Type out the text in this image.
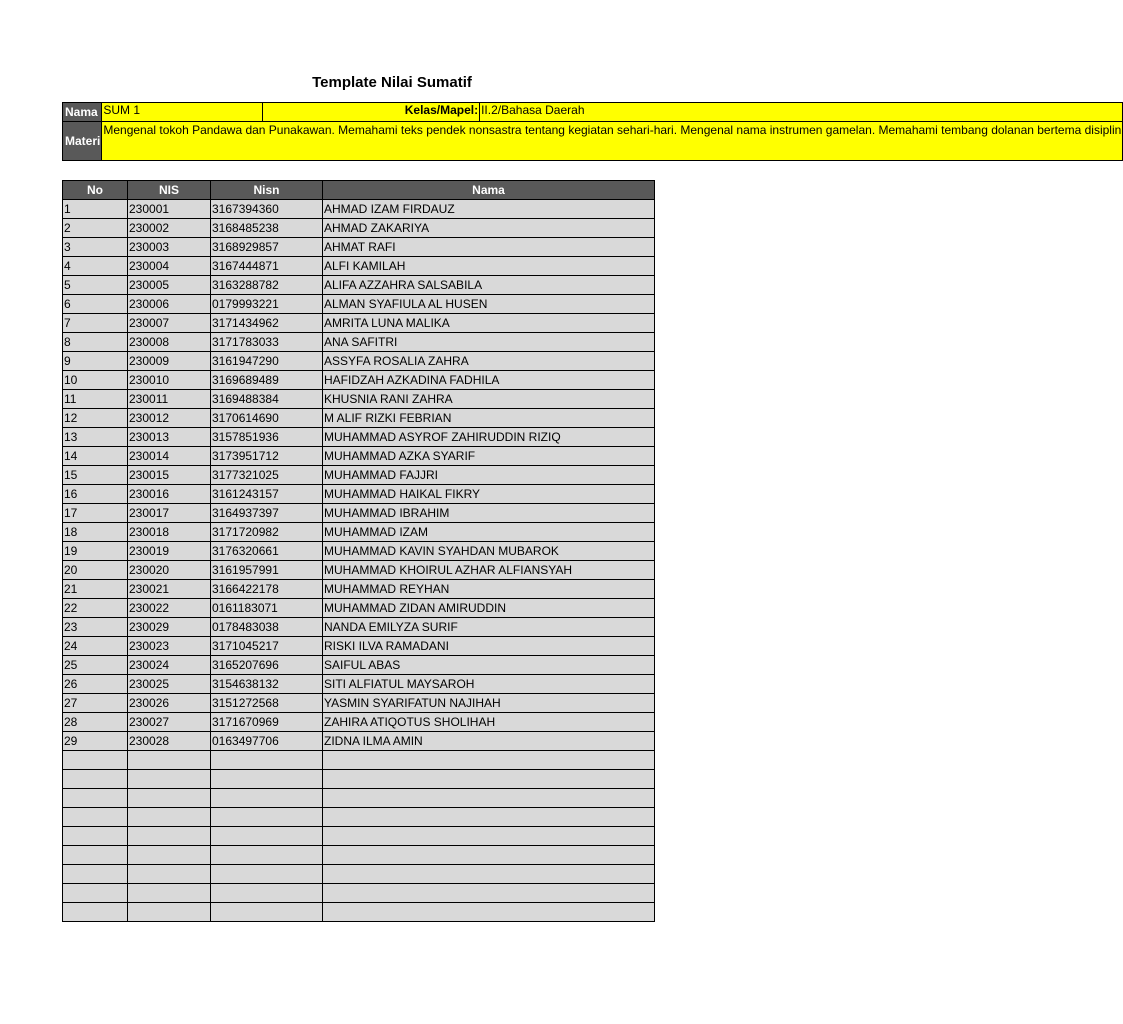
Template Nilai Sumatif
Nama	SUM 1	Kelas/Mapel:	II.2/Bahasa Daerah
Materi	Mengenal tokoh Pandawa dan Punakawan. Memahami teks pendek nonsastra tentang kegiatan sehari-hari. Mengenal nama instrumen gamelan. Memahami tembang dolanan bertema disiplin		
No	NIS	Nisn	Nama
1	230001	3167394360	AHMAD IZAM FIRDAUZ
2	230002	3168485238	AHMAD ZAKARIYA
3	230003	3168929857	AHMAT RAFI
4	230004	3167444871	ALFI KAMILAH
5	230005	3163288782	ALIFA AZZAHRA SALSABILA
6	230006	0179993221	ALMAN SYAFIULA AL HUSEN
7	230007	3171434962	AMRITA LUNA MALIKA
8	230008	3171783033	ANA SAFITRI
9	230009	3161947290	ASSYFA ROSALIA ZAHRA
10	230010	3169689489	HAFIDZAH AZKADINA FADHILA
11	230011	3169488384	KHUSNIA RANI ZAHRA
12	230012	3170614690	M ALIF RIZKI FEBRIAN
13	230013	3157851936	MUHAMMAD ASYROF ZAHIRUDDIN RIZIQ
14	230014	3173951712	MUHAMMAD AZKA SYARIF
15	230015	3177321025	MUHAMMAD FAJJRI
16	230016	3161243157	MUHAMMAD HAIKAL FIKRY
17	230017	3164937397	MUHAMMAD IBRAHIM
18	230018	3171720982	MUHAMMAD IZAM
19	230019	3176320661	MUHAMMAD KAVIN SYAHDAN MUBAROK
20	230020	3161957991	MUHAMMAD KHOIRUL AZHAR ALFIANSYAH
21	230021	3166422178	MUHAMMAD REYHAN
22	230022	0161183071	MUHAMMAD ZIDAN AMIRUDDIN
23	230029	0178483038	NANDA EMILYZA SURIF
24	230023	3171045217	RISKI ILVA RAMADANI
25	230024	3165207696	SAIFUL ABAS
26	230025	3154638132	SITI ALFIATUL MAYSAROH
27	230026	3151272568	YASMIN SYARIFATUN NAJIHAH
28	230027	3171670969	ZAHIRA ATIQOTUS SHOLIHAH
29	230028	0163497706	ZIDNA ILMA AMIN
